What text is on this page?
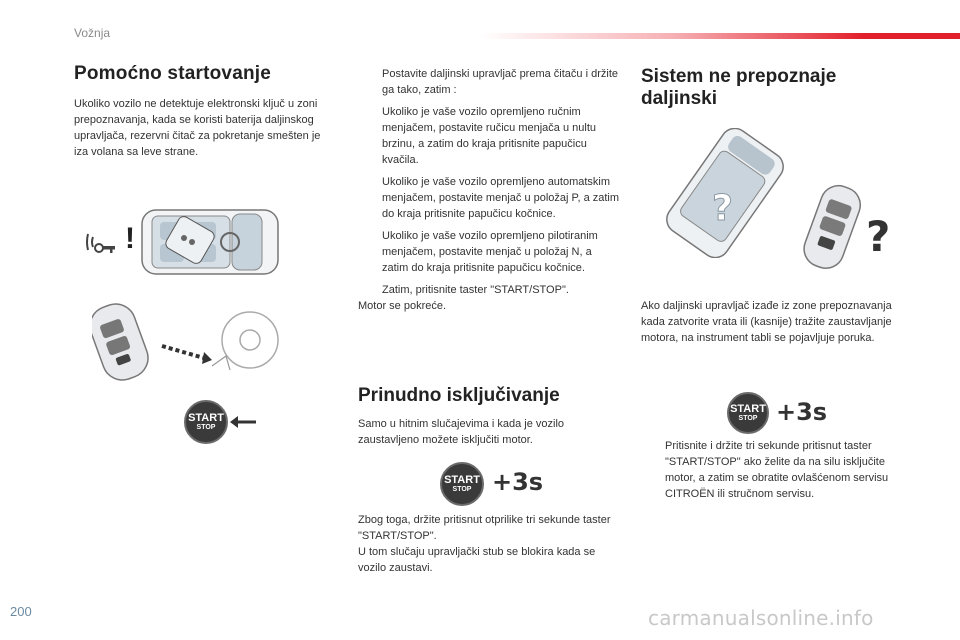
Vožnja
Pomoćno startovanje
Ukoliko vozilo ne detektuje elektronski ključ u zoni prepoznavanja, kada se koristi baterija daljinskog upravljača, rezervni čitač za pokretanje smešten je iza volana sa leve strane.
!
START
STOP
Postavite daljinski upravljač prema čitaču i držite ga tako, zatim :
Ukoliko je vaše vozilo opremljeno ručnim menjačem, postavite ručicu menjača u nultu brzinu, a zatim do kraja pritisnite papučicu kvačila.
Ukoliko je vaše vozilo opremljeno automatskim menjačem, postavite menjač u položaj P, a zatim do kraja pritisnite papučicu kočnice.
Ukoliko je vaše vozilo opremljeno pilotiranim menjačem, postavite menjač u položaj N, a zatim do kraja pritisnite papučicu kočnice.
Zatim, pritisnite taster "START/STOP".

Motor se pokreće.

Prinudno isključivanje
Samo u hitnim slučajevima i kada je vozilo zaustavljeno možete isključiti motor.
START
STOP +3s
Zbog toga, držite pritisnut otprilike tri sekunde taster "START/STOP".
U tom slučaju upravljački stub se blokira kada se vozilo zaustavi.
Sistem ne prepoznaje daljinski
?
?
Ako daljinski upravljač izađe iz zone prepoznavanja kada zatvorite vrata ili (kasnije) tražite zaustavljanje motora, na instrument tabli se pojavljuje poruka.
START
STOP +3s
Pritisnite i držite tri sekunde pritisnut taster "START/STOP" ako želite da na silu isključite motor, a zatim se obratite ovlašćenom servisu CITROËN ili stručnom servisu.
200	carmanualsonline.info
